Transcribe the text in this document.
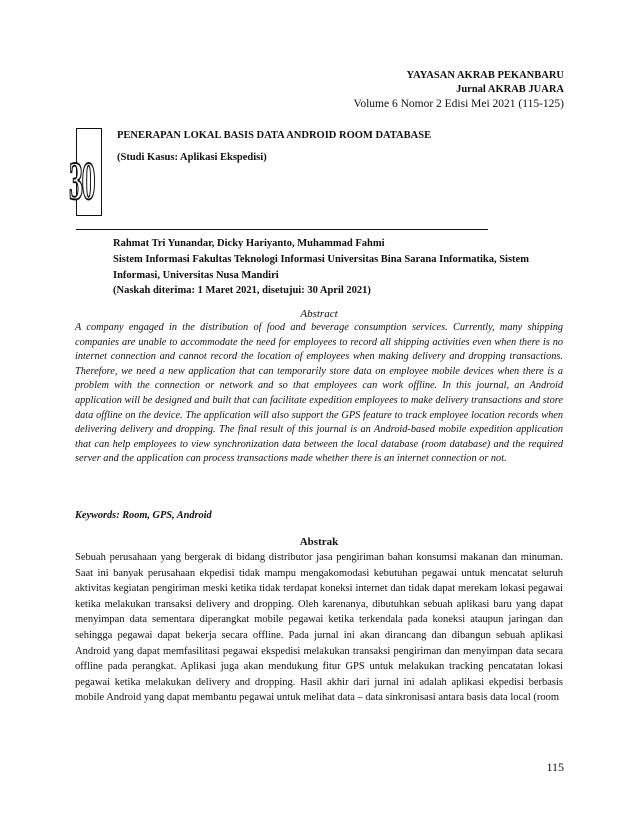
YAYASAN AKRAB PEKANBARU
Jurnal AKRAB JUARA
Volume 6 Nomor 2 Edisi Mei 2021 (115-125)
30
PENERAPAN LOKAL BASIS DATA ANDROID ROOM DATABASE
(Studi Kasus: Aplikasi Ekspedisi)
Rahmat Tri Yunandar, Dicky Hariyanto, Muhammad Fahmi
Sistem Informasi Fakultas Teknologi Informasi Universitas Bina Sarana Informatika, Sistem Informasi, Universitas Nusa Mandiri
(Naskah diterima: 1 Maret 2021, disetujui: 30 April 2021)
Abstract
A company engaged in the distribution of food and beverage consumption services. Currently, many shipping companies are unable to accommodate the need for employees to record all shipping activities even when there is no internet connection and cannot record the location of employees when making delivery and dropping transactions. Therefore, we need a new application that can temporarily store data on employee mobile devices when there is a problem with the connection or network and so that employees can work offline. In this journal, an Android application will be designed and built that can facilitate expedition employees to make delivery transactions and store data offline on the device. The application will also support the GPS feature to track employee location records when delivering delivery and dropping. The final result of this journal is an Android-based mobile expedition application that can help employees to view synchronization data between the local database (room database) and the required server and the application can process transactions made whether there is an internet connection or not.
Keywords: Room, GPS, Android
Abstrak
Sebuah perusahaan yang bergerak di bidang distributor jasa pengiriman bahan konsumsi makanan dan minuman. Saat ini banyak perusahaan ekpedisi tidak mampu mengakomodasi kebutuhan pegawai untuk mencatat seluruh aktivitas kegiatan pengiriman meski ketika tidak terdapat koneksi internet dan tidak dapat merekam lokasi pegawai ketika melakukan transaksi delivery and dropping. Oleh karenanya, dibutuhkan sebuah aplikasi baru yang dapat menyimpan data sementara diperangkat mobile pegawai ketika terkendala pada koneksi ataupun jaringan dan sehingga pegawai dapat bekerja secara offline. Pada jurnal ini akan dirancang dan dibangun sebuah aplikasi Android yang dapat memfasilitasi pegawai ekspedisi melakukan transaksi pengiriman dan menyimpan data secara offline pada perangkat. Aplikasi juga akan mendukung fitur GPS untuk melakukan tracking pencatatan lokasi pegawai ketika melakukan delivery and dropping. Hasil akhir dari jurnal ini adalah aplikasi ekpedisi berbasis mobile Android yang dapat membantu pegawai untuk melihat data – data sinkronisasi antara basis data local (room
115
